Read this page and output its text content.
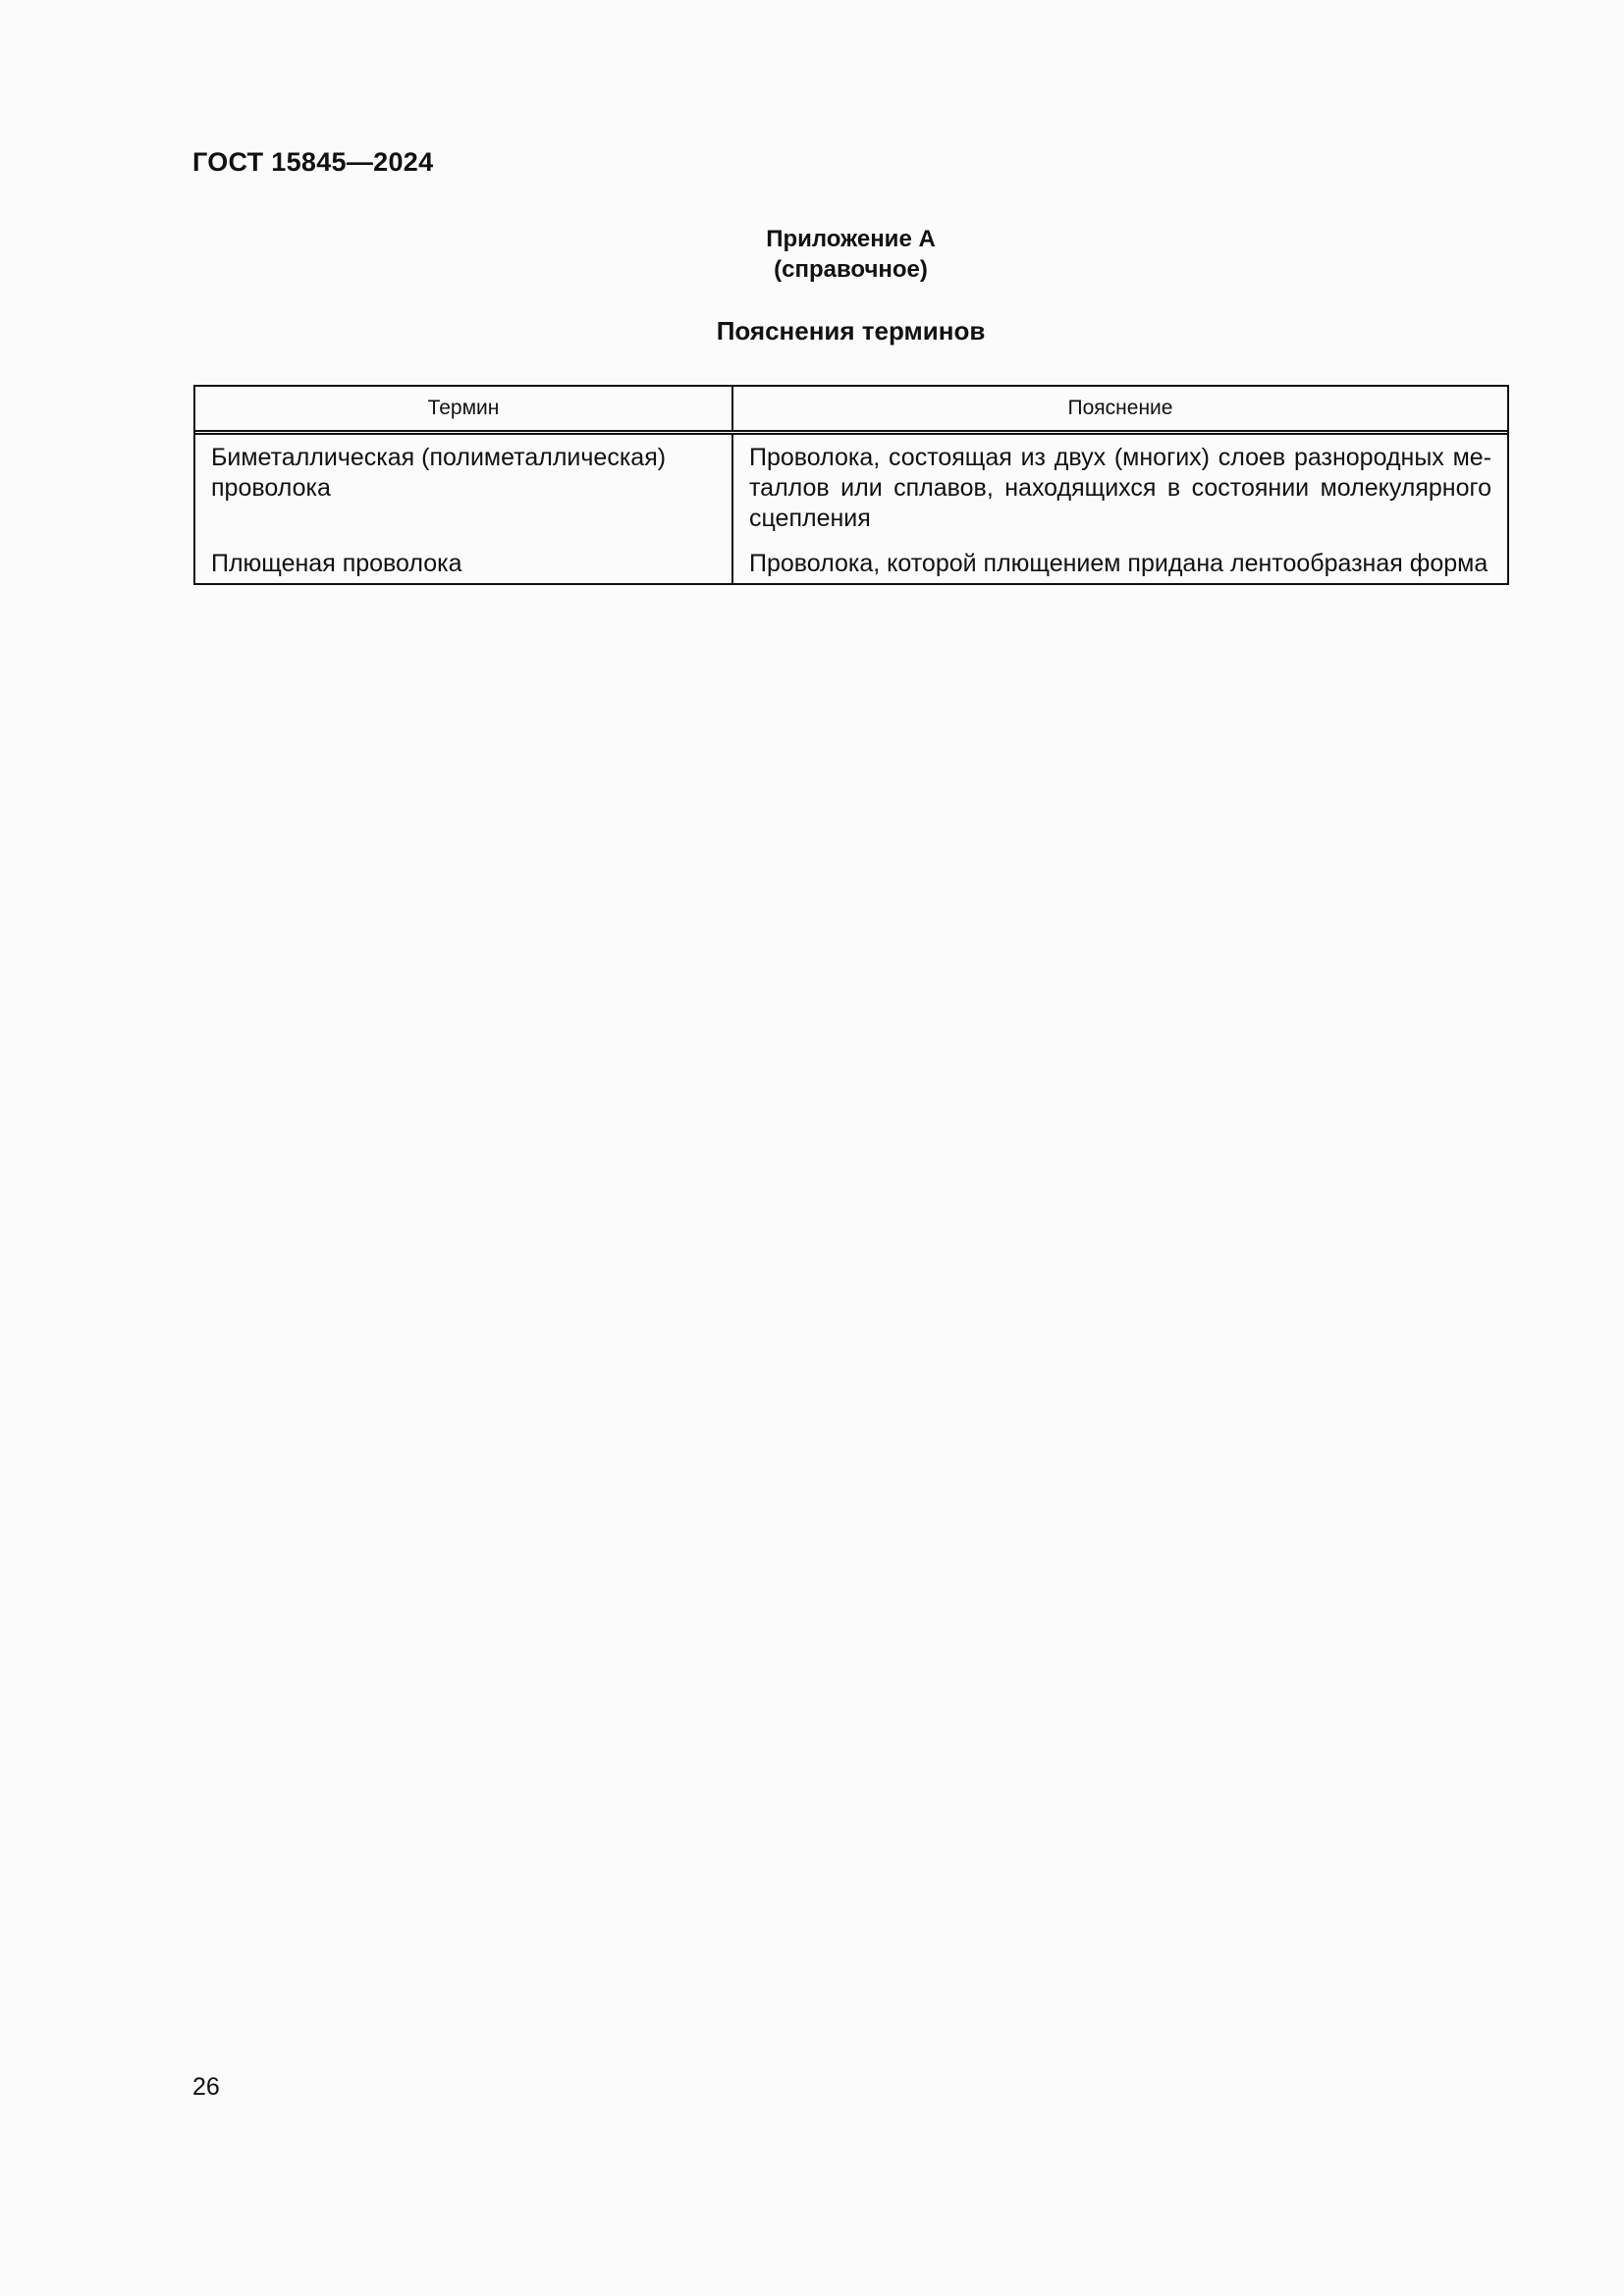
ГОСТ 15845—2024
Приложение А
(справочное)
Пояснения терминов
Термин	Пояснение
Биметаллическая (полиметаллическая) проволока
Плющеная проволока
Проволока, состоящая из двух (многих) слоев разнородных металлов или сплавов, находящихся в состоянии молекулярного сцепления
Проволока, которой плющением придана лентообразная форма
26
